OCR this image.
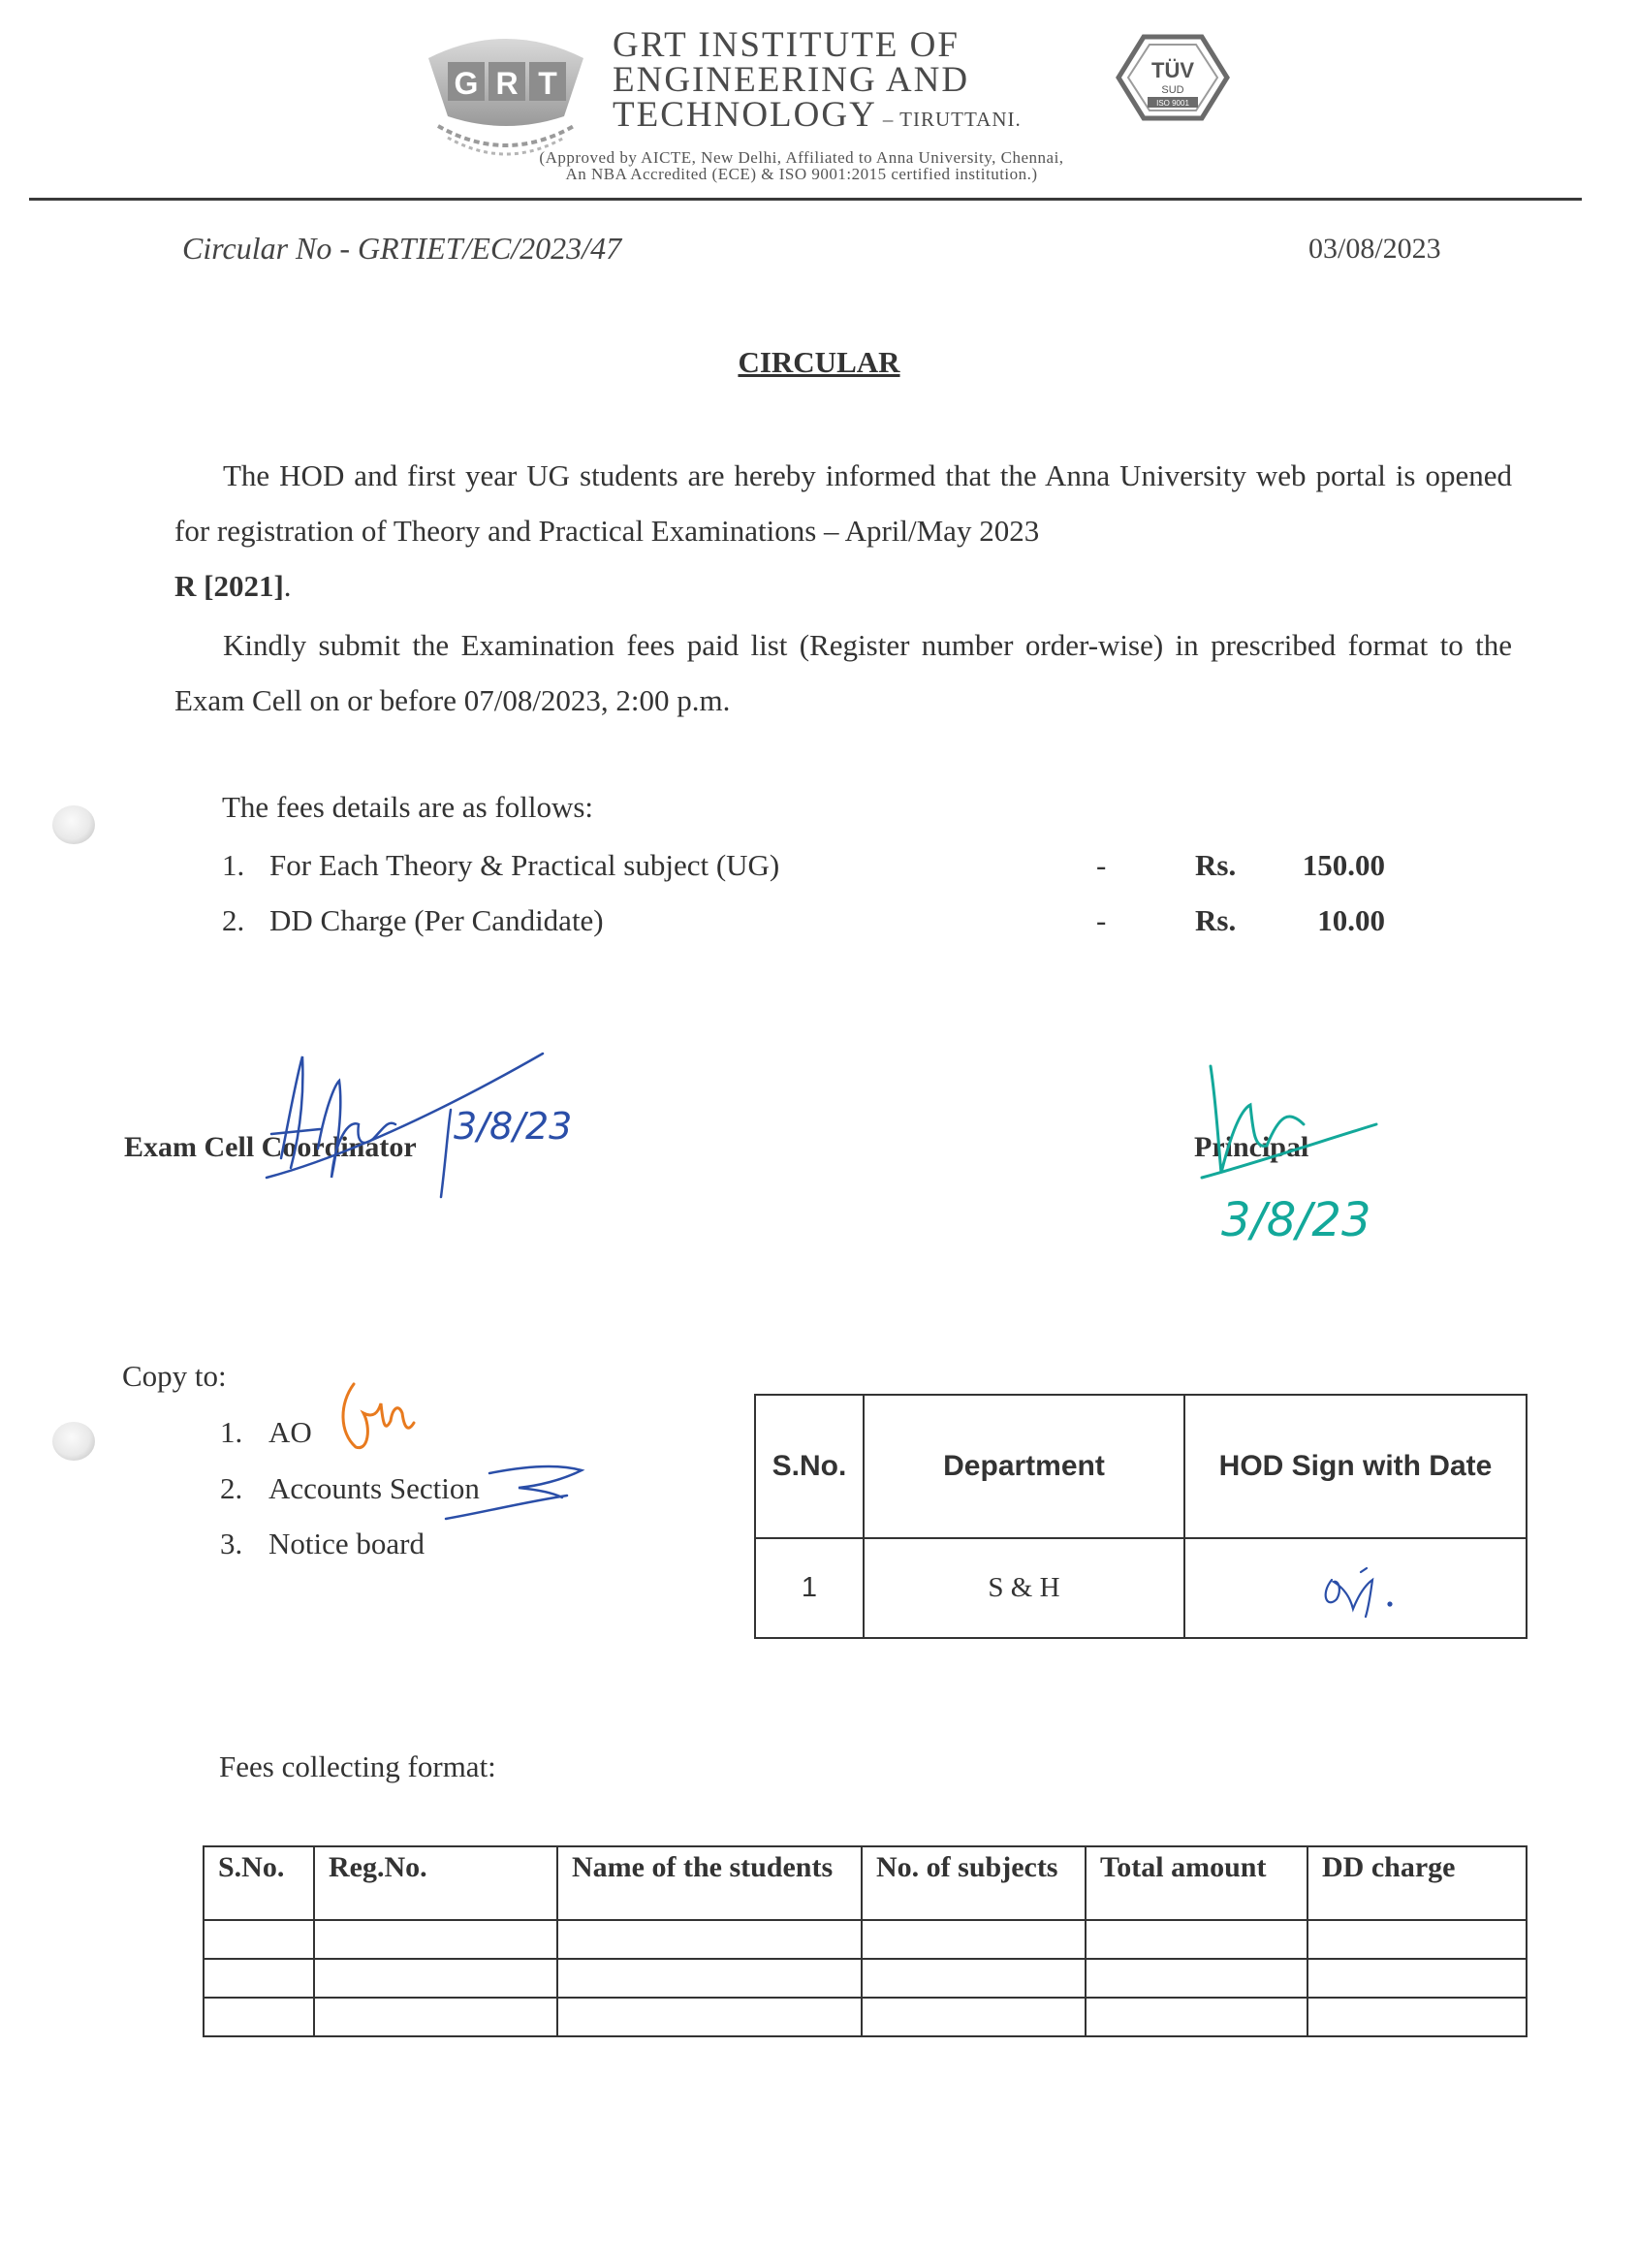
G R T
GRT INSTITUTE OF
ENGINEERING AND
TECHNOLOGY – TIRUTTANI.
TÜV
SUD
ISO 9001
(Approved by AICTE, New Delhi, Affiliated to Anna University, Chennai,
An NBA Accredited (ECE) & ISO 9001:2015 certified institution.)
Circular No - GRTIET/EC/2023/47	03/08/2023
CIRCULAR
The HOD and first year UG students are hereby informed that the Anna University web portal is opened for registration of Theory and Practical Examinations – April/May 2023 R [2021].
Kindly submit the Examination fees paid list (Register number order-wise) in prescribed format to the Exam Cell on or before 07/08/2023, 2:00 p.m.
The fees details are as follows:
1. For Each Theory & Practical subject (UG)	-	Rs.	150.00
2. DD Charge (Per Candidate)	-	Rs.	10.00
Exam Cell Coordinator	Principal
3/8/23
3/8/23
Copy to:
1. AO
2. Accounts Section
3. Notice board
S.No.	Department	HOD Sign with Date
1	S & H	
Fees collecting format:
S.No.	Reg.No.	Name of the students	No. of subjects	Total amount	DD charge
